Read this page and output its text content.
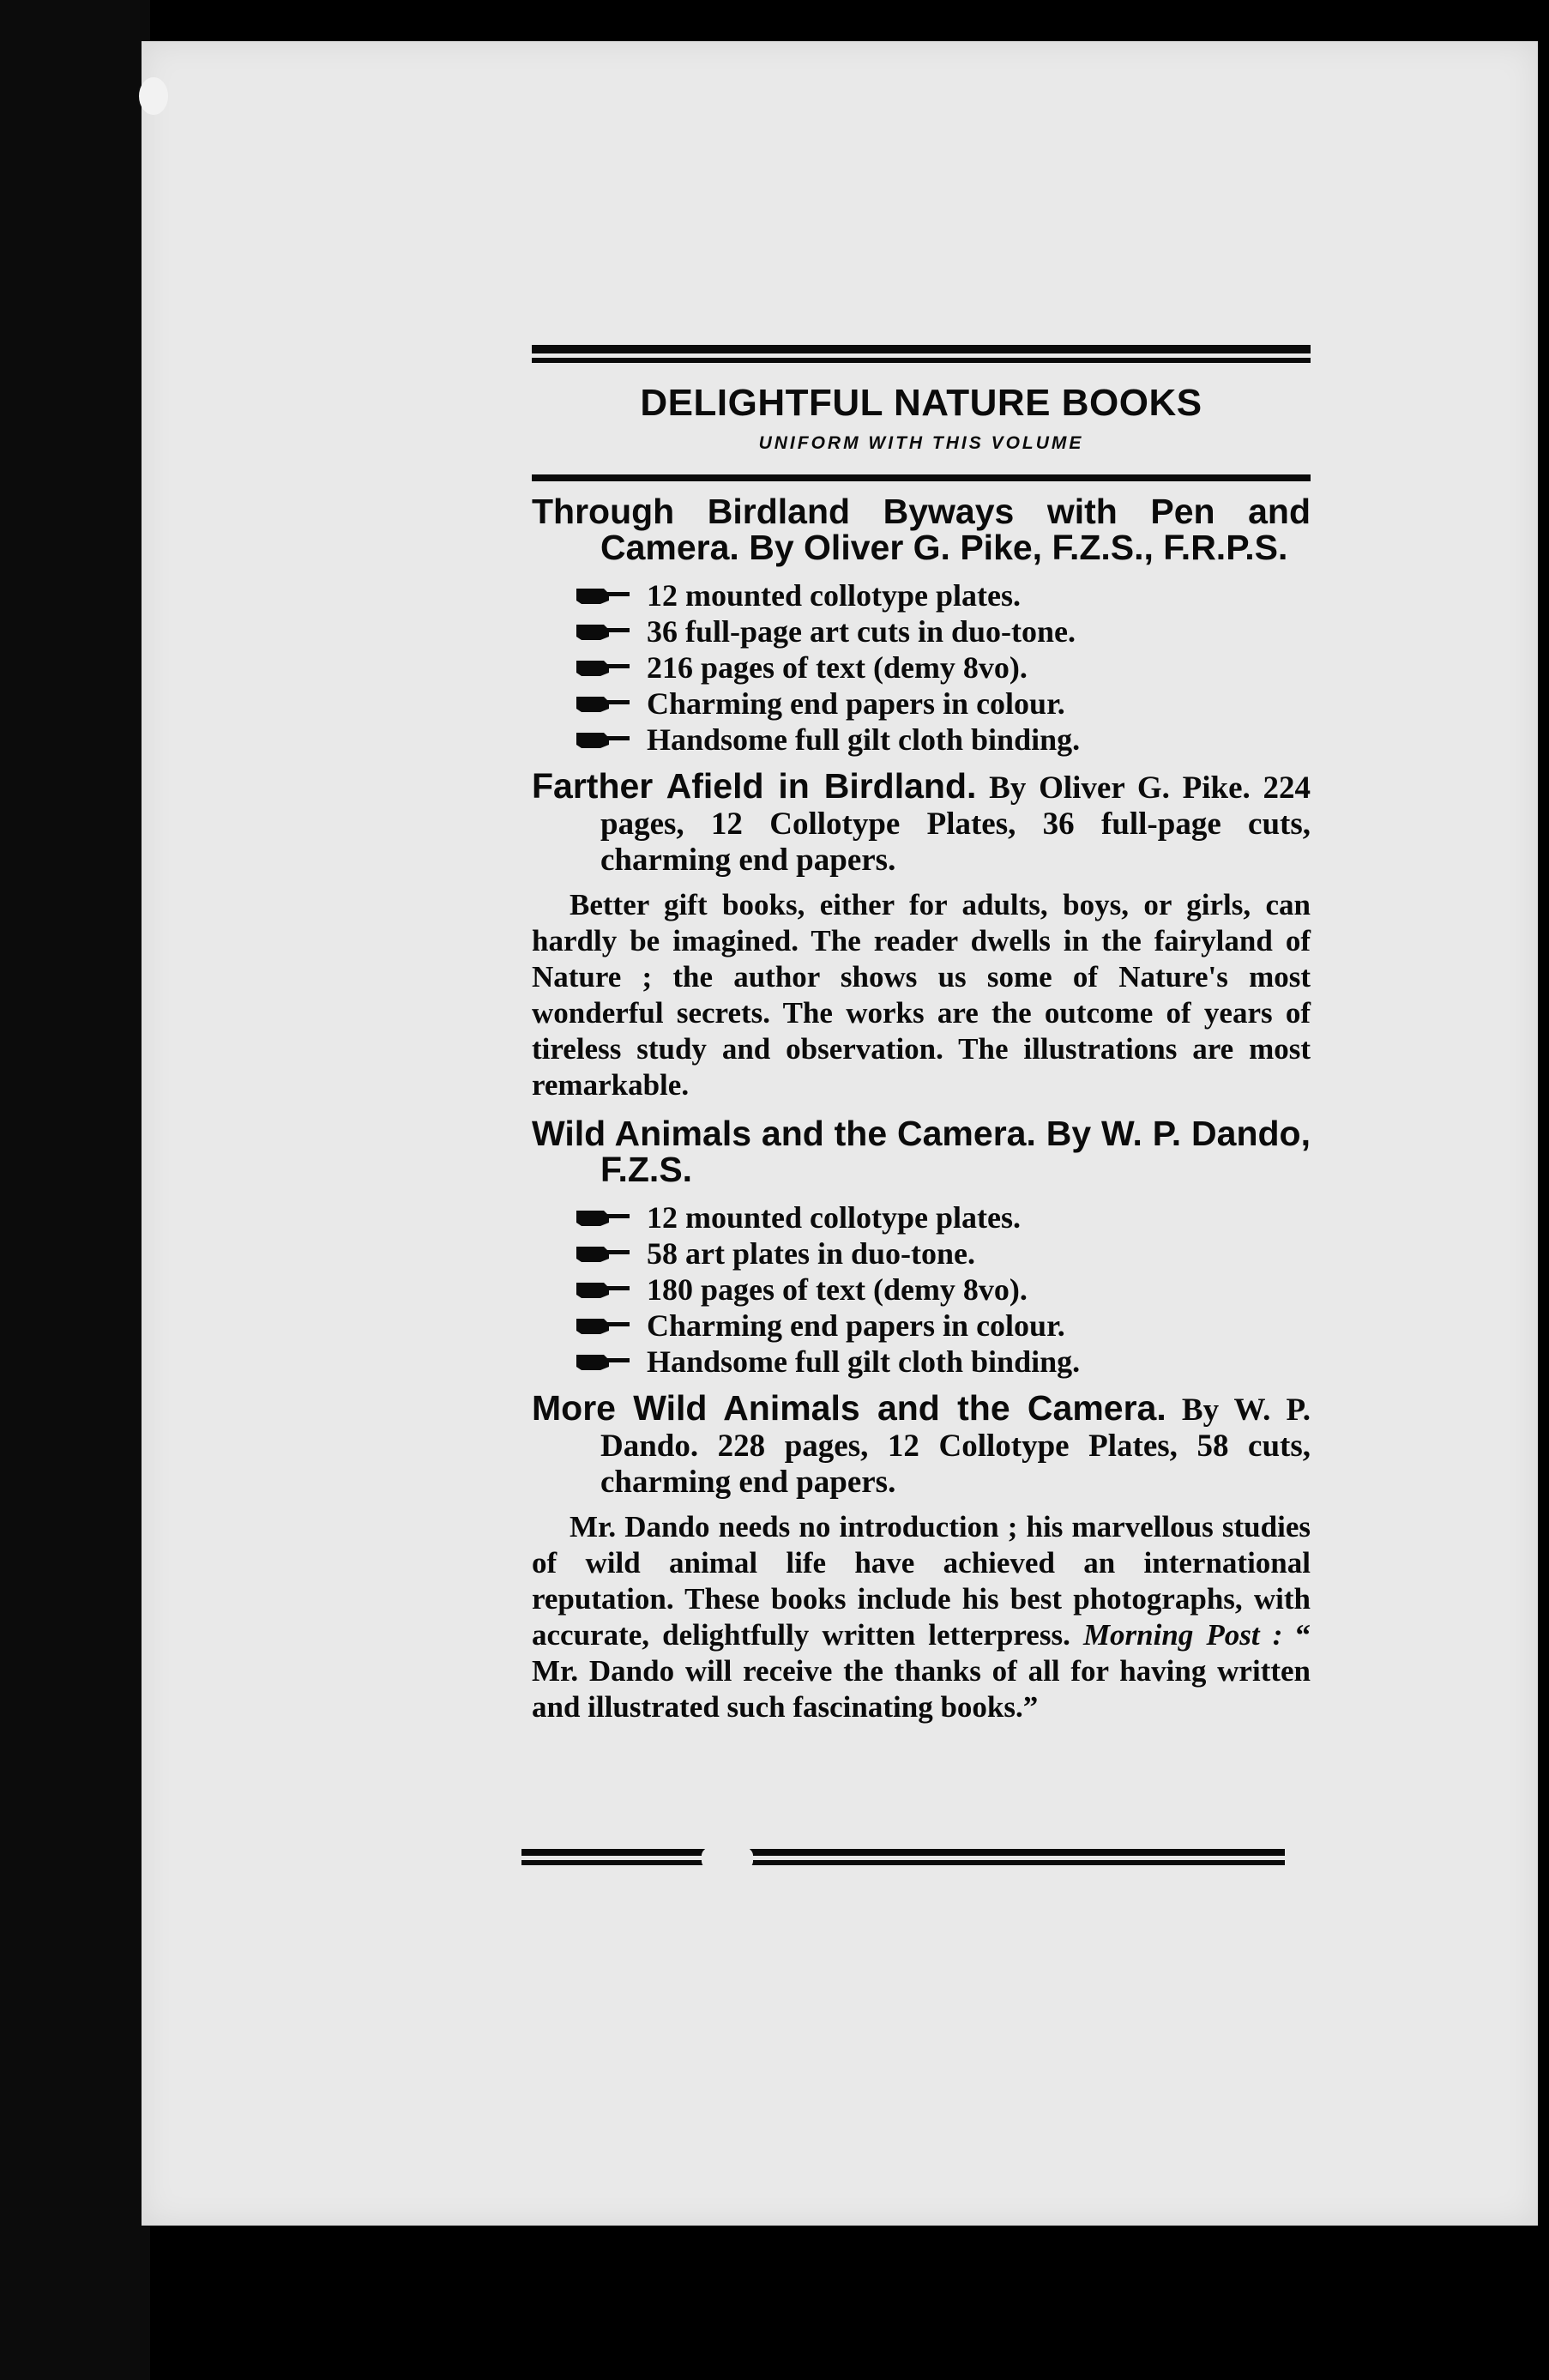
DELIGHTFUL NATURE BOOKS
UNIFORM WITH THIS VOLUME
Through Birdland Byways with Pen and Camera. By Oliver G. Pike, F.Z.S., F.R.P.S.
12 mounted collotype plates.
36 full-page art cuts in duo-tone.
216 pages of text (demy 8vo).
Charming end papers in colour.
Handsome full gilt cloth binding.
Farther Afield in Birdland. By Oliver G. Pike. 224 pages, 12 Collotype Plates, 36 full-page cuts, charming end papers.
Better gift books, either for adults, boys, or girls, can hardly be imagined. The reader dwells in the fairyland of Nature ; the author shows us some of Nature's most wonderful secrets. The works are the outcome of years of tireless study and observation. The illustrations are most remarkable.
Wild Animals and the Camera. By W. P. Dando, F.Z.S.
12 mounted collotype plates.
58 art plates in duo-tone.
180 pages of text (demy 8vo).
Charming end papers in colour.
Handsome full gilt cloth binding.
More Wild Animals and the Camera. By W. P. Dando. 228 pages, 12 Collotype Plates, 58 cuts, charming end papers.
Mr. Dando needs no introduction ; his marvellous studies of wild animal life have achieved an international reputation. These books include his best photographs, with accurate, delightfully written letterpress. Morning Post : “ Mr. Dando will receive the thanks of all for having written and illustrated such fascinating books.”
